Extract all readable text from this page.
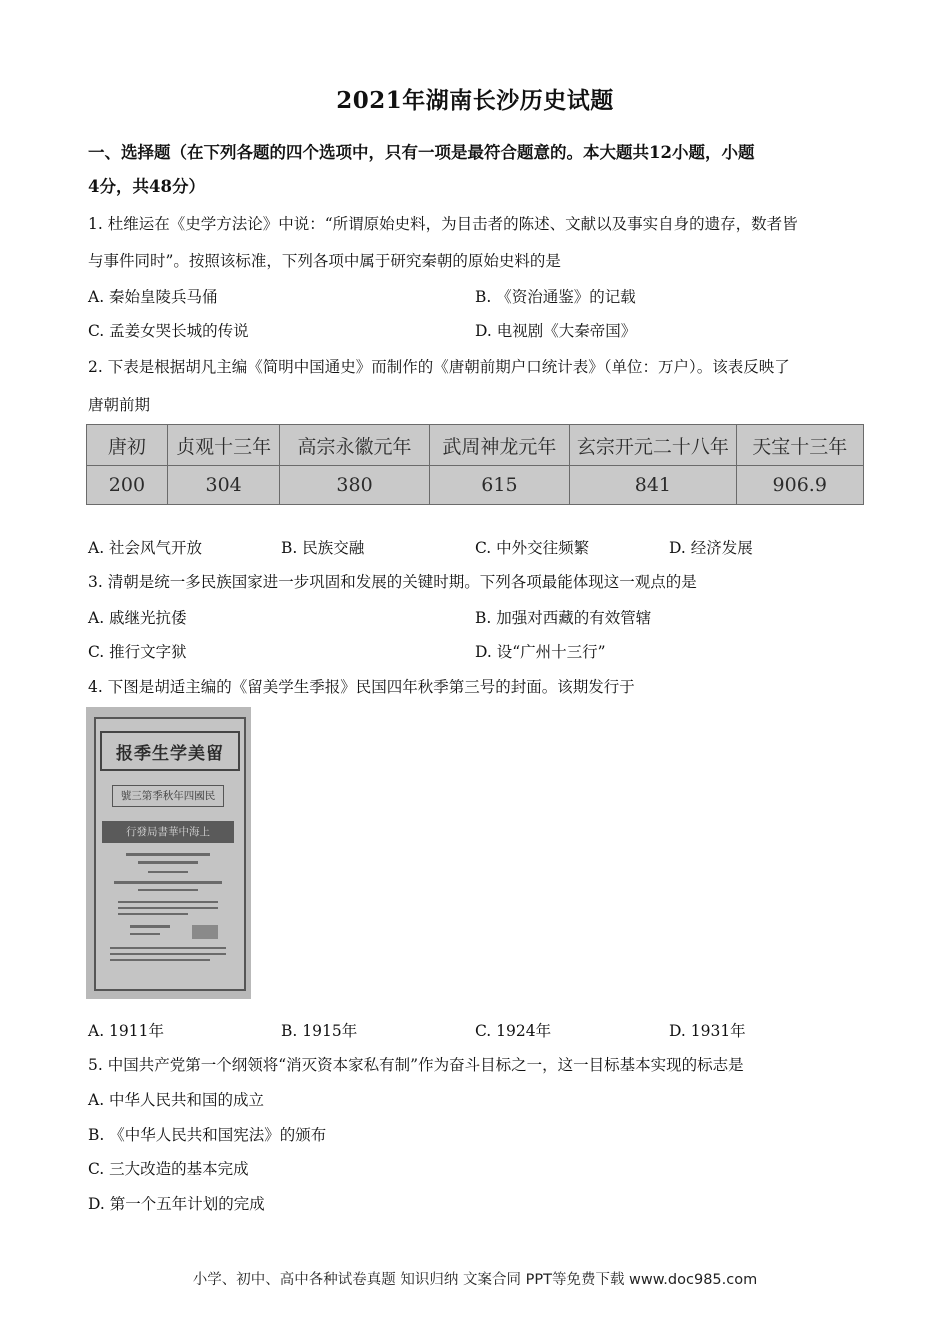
2021年湖南长沙历史试题
一、选择题（在下列各题的四个选项中，只有一项是最符合题意的。本大题共12小题，小题
4分，共48分）
1. 杜维运在《史学方法论》中说：“所谓原始史料，为目击者的陈述、文献以及事实自身的遗存，数者皆
与事件同时”。按照该标准，下列各项中属于研究秦朝的原始史料的是
A. 秦始皇陵兵马俑	B. 《资治通鉴》的记载
C. 孟姜女哭长城的传说	D. 电视剧《大秦帝国》
2. 下表是根据胡凡主编《简明中国通史》而制作的《唐朝前期户口统计表》（单位：万户）。该表反映了
唐朝前期
唐初	贞观十三年	高宗永徽元年	武周神龙元年	玄宗开元二十八年	天宝十三年
200	304	380	615	841	906.9
A. 社会风气开放	B. 民族交融	C. 中外交往频繁	D. 经济发展
3. 清朝是统一多民族国家进一步巩固和发展的关键时期。下列各项最能体现这一观点的是
A. 戚继光抗倭	B. 加强对西藏的有效管辖
C. 推行文字狱	D. 设“广州十三行”
4. 下图是胡适主编的《留美学生季报》民国四年秋季第三号的封面。该期发行于
报季生学美留
號三第季秋年四國民
行發局書華中海上
A. 1911年	B. 1915年	C. 1924年	D. 1931年
5. 中国共产党第一个纲领将“消灭资本家私有制”作为奋斗目标之一，这一目标基本实现的标志是
A. 中华人民共和国的成立
B. 《中华人民共和国宪法》的颁布
C. 三大改造的基本完成
D. 第一个五年计划的完成
小学、初中、高中各种试卷真题 知识归纳 文案合同 PPT等免费下载 www.doc985.com
